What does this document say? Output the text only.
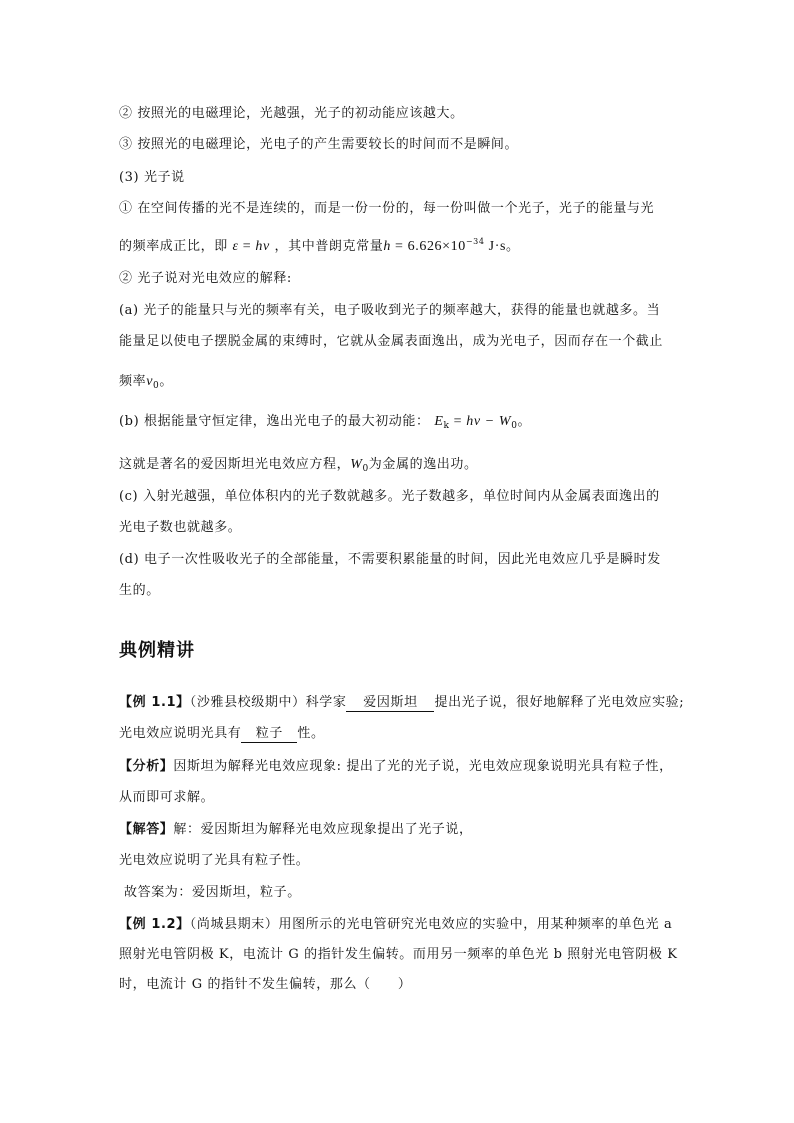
② 按照光的电磁理论，光越强，光子的初动能应该越大。
③ 按照光的电磁理论，光电子的产生需要较长的时间而不是瞬间。
(3) 光子说
① 在空间传播的光不是连续的，而是一份一份的，每一份叫做一个光子，光子的能量与光
的频率成正比，即 ε = hν ，其中普朗克常量$h = 6.626\times 10^{-34}$ J·s。
② 光子说对光电效应的解释:
(a) 光子的能量只与光的频率有关，电子吸收到光子的频率越大，获得的能量也就越多。当
能量足以使电子摆脱金属的束缚时，它就从金属表面逸出，成为光电子，因而存在一个截止
频率$\nu_0$。
(b) 根据能量守恒定律，逸出光电子的最大初动能： $E_k = h\nu - W_0$。
这就是著名的爱因斯坦光电效应方程，$W_0$为金属的逸出功。
(c) 入射光越强，单位体积内的光子数就越多。光子数越多，单位时间内从金属表面逸出的
光电子数也就越多。
(d) 电子一次性吸收光子的全部能量，不需要积累能量的时间，因此光电效应几乎是瞬时发
生的。
典例精讲
【例 1.1】（沙雅县校级期中）科学家 爱因斯坦 提出光子说，很好地解释了光电效应实验;
光电效应说明光具有 粒子 性。
【分析】因斯坦为解释光电效应现象: 提出了光的光子说，光电效应现象说明光具有粒子性，
从而即可求解。
【解答】解：爱因斯坦为解释光电效应现象提出了光子说，
光电效应说明了光具有粒子性。
故答案为：爱因斯坦，粒子。
【例 1.2】（尚城县期末）用图所示的光电管研究光电效应的实验中，用某种频率的单色光 a
照射光电管阴极 K，电流计 G 的指针发生偏转。而用另一频率的单色光 b 照射光电管阴极 K
时，电流计 G 的指针不发生偏转，那么（　　）
